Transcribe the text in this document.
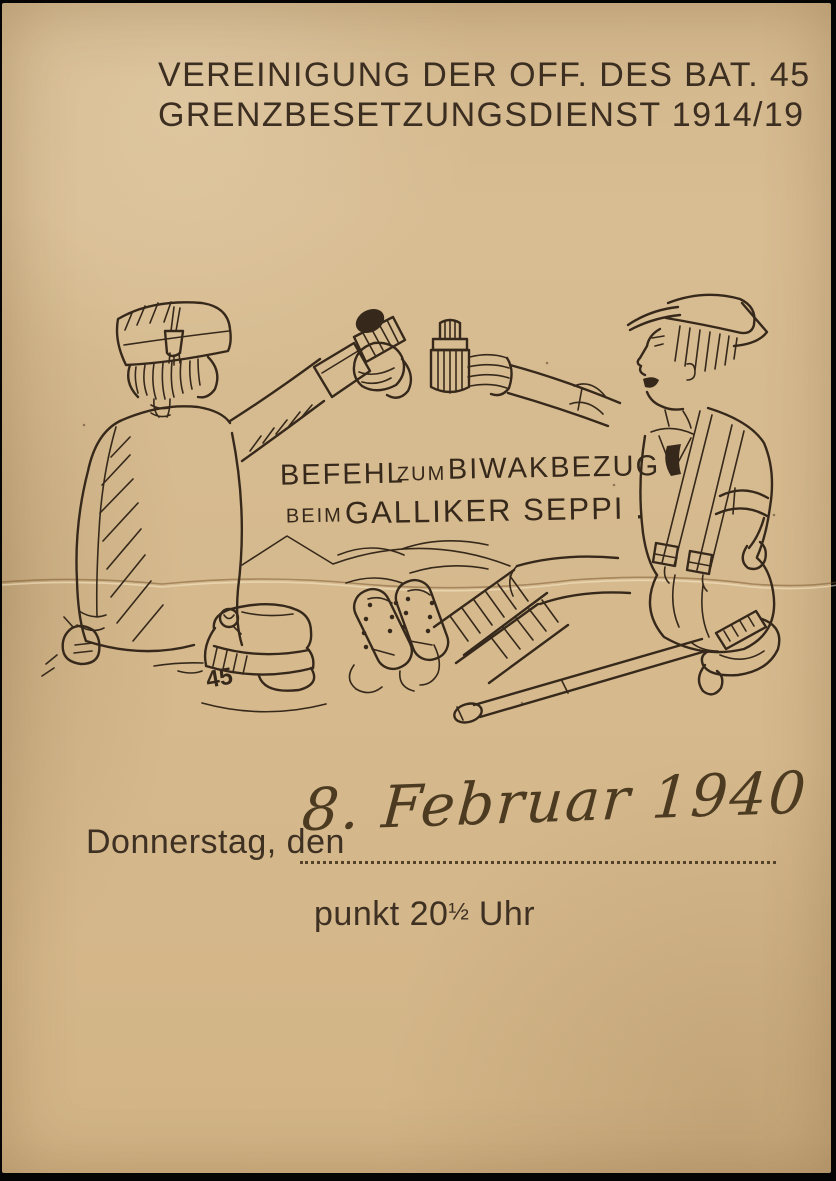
VEREINIGUNG DER OFF. DES BAT. 45
GRENZBESETZUNGSDIENST 1914/19
45
BEFEHL ZUM BIWAKBEZUG
BEIM GALLIKER SEPPI .
Donnerstag, den
8. Februar 1940
punkt 20½ Uhr
